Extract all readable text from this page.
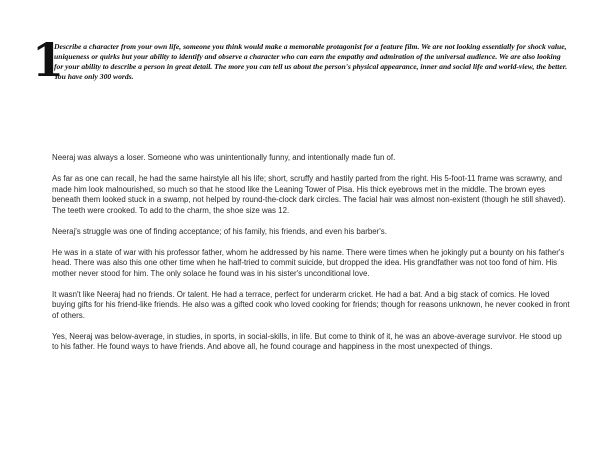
1

Describe a character from your own life, someone you think would make a memorable protagonist for a feature film. We are not looking essentially for shock value, uniqueness or quirks but your ability to identify and observe a character who can earn the empathy and admiration of the universal audience. We are also looking for your ability to describe a person in great detail. The more you can tell us about the person's physical appearance, inner and social life and world-view, the better. You have only 300 words.

Neeraj was always a loser. Someone who was unintentionally funny, and intentionally made fun of.

As far as one can recall, he had the same hairstyle all his life; short, scruffy and hastily parted from the right. His 5-foot-11 frame was scrawny, and made him look malnourished, so much so that he stood like the Leaning Tower of Pisa. His thick eyebrows met in the middle. The brown eyes beneath them looked stuck in a swamp, not helped by round-the-clock dark circles. The facial hair was almost non-existent (though he still shaved). The teeth were crooked. To add to the charm, the shoe size was 12.

Neeraj's struggle was one of finding acceptance; of his family, his friends, and even his barber's.

He was in a state of war with his professor father, whom he addressed by his name. There were times when he jokingly put a bounty on his father's head. There was also this one other time when he half-tried to commit suicide, but dropped the idea. His grandfather was not too fond of him. His mother never stood for him. The only solace he found was in his sister's unconditional love.

It wasn't like Neeraj had no friends. Or talent. He had a terrace, perfect for underarm cricket. He had a bat. And a big stack of comics. He loved buying gifts for his friend-like friends. He also was a gifted cook who loved cooking for friends; though for reasons unknown, he never cooked in front of others.

Yes, Neeraj was below-average, in studies, in sports, in social-skills, in life. But come to think of it, he was an above-average survivor. He stood up to his father. He found ways to have friends. And above all, he found courage and happiness in the most unexpected of things.
